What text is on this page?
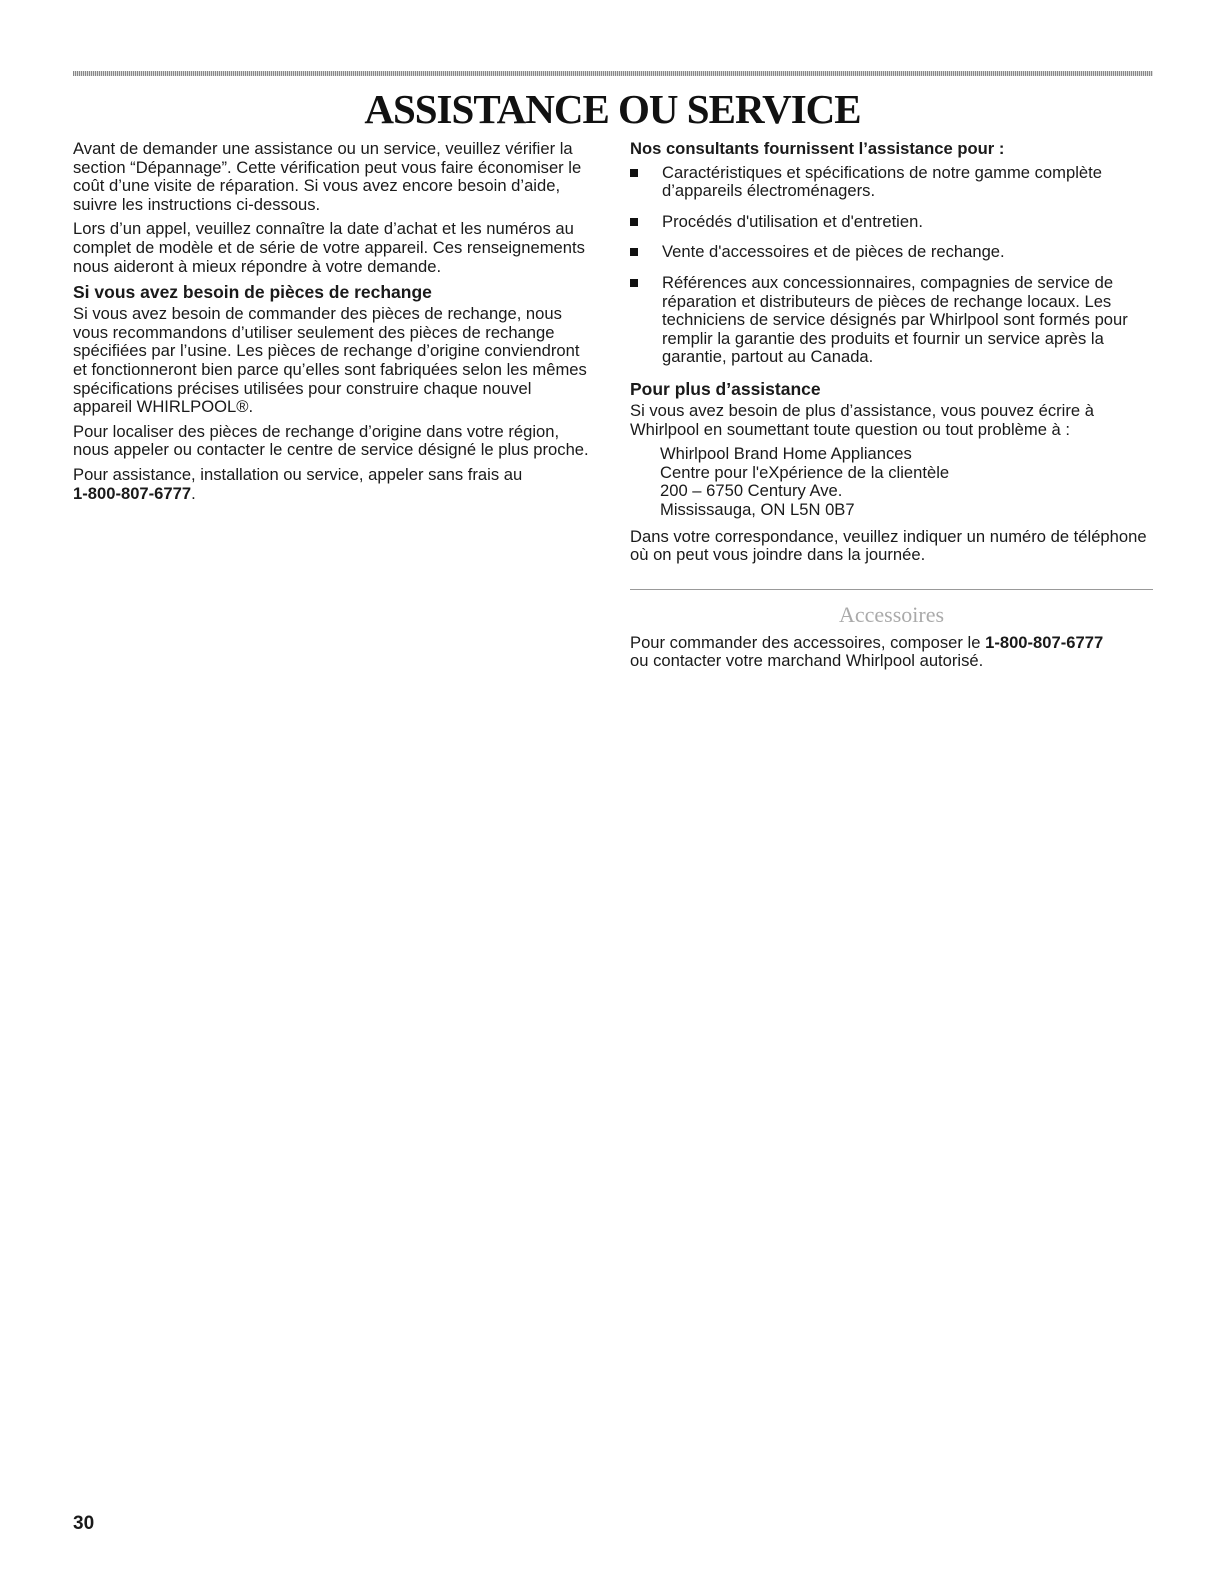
ASSISTANCE OU SERVICE

Avant de demander une assistance ou un service, veuillez vérifier la section “Dépannage”. Cette vérification peut vous faire économiser le coût d’une visite de réparation. Si vous avez encore besoin d’aide, suivre les instructions ci-dessous.

Lors d’un appel, veuillez connaître la date d’achat et les numéros au complet de modèle et de série de votre appareil. Ces renseignements nous aideront à mieux répondre à votre demande.

Si vous avez besoin de pièces de rechange

Si vous avez besoin de commander des pièces de rechange, nous vous recommandons d’utiliser seulement des pièces de rechange spécifiées par l’usine. Les pièces de rechange d’origine conviendront et fonctionneront bien parce qu’elles sont fabriquées selon les mêmes spécifications précises utilisées pour construire chaque nouvel appareil WHIRLPOOL®.

Pour localiser des pièces de rechange d’origine dans votre région, nous appeler ou contacter le centre de service désigné le plus proche.

Pour assistance, installation ou service, appeler sans frais au
1-800-807-6777.

Nos consultants fournissent l’assistance pour :
Caractéristiques et spécifications de notre gamme complète d’appareils électroménagers.
Procédés d'utilisation et d'entretien.
Vente d'accessoires et de pièces de rechange.
Références aux concessionnaires, compagnies de service de réparation et distributeurs de pièces de rechange locaux. Les techniciens de service désignés par Whirlpool sont formés pour remplir la garantie des produits et fournir un service après la garantie, partout au Canada.
Pour plus d’assistance

Si vous avez besoin de plus d’assistance, vous pouvez écrire à Whirlpool en soumettant toute question ou tout problème à :

Whirlpool Brand Home Appliances
Centre pour l'eXpérience de la clientèle
200 – 6750 Century Ave.
Mississauga, ON L5N 0B7

Dans votre correspondance, veuillez indiquer un numéro de téléphone où on peut vous joindre dans la journée.

Accessoires

Pour commander des accessoires, composer le 1-800-807-6777
ou contacter votre marchand Whirlpool autorisé.

30
